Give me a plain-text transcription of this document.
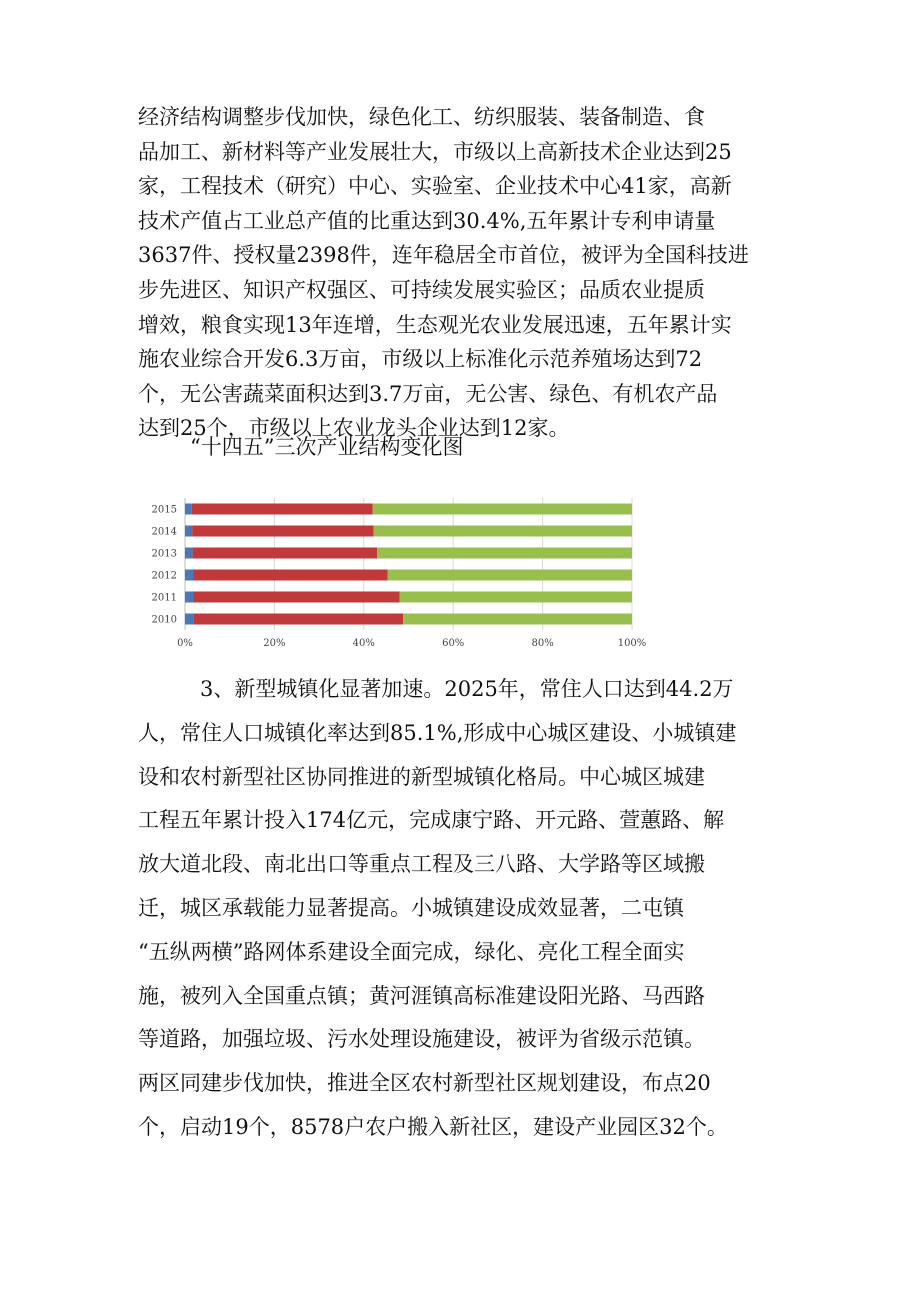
经济结构调整步伐加快，绿色化工、纺织服装、装备制造、食
品加工、新材料等产业发展壮大，市级以上高新技术企业达到25
家，工程技术（研究）中心、实验室、企业技术中心41家，高新
技术产值占工业总产值的比重达到30.4%,五年累计专利申请量
3637件、授权量2398件，连年稳居全市首位，被评为全国科技进
步先进区、知识产权强区、可持续发展实验区；品质农业提质
增效，粮食实现13年连增，生态观光农业发展迅速，五年累计实
施农业综合开发6.3万亩，市级以上标准化示范养殖场达到72
个，无公害蔬菜面积达到3.7万亩，无公害、绿色、有机农产品
达到25个，市级以上农业龙头企业达到12家。
“十四五”三次产业结构变化图
2015
2014
2013
2012
2011
2010
0%	20%	40%	60%	80%	100%
3、新型城镇化显著加速。2025年，常住人口达到44.2万
人，常住人口城镇化率达到85.1%,形成中心城区建设、小城镇建
设和农村新型社区协同推进的新型城镇化格局。中心城区城建
工程五年累计投入174亿元，完成康宁路、开元路、萱蕙路、解
放大道北段、南北出口等重点工程及三八路、大学路等区域搬
迁，城区承载能力显著提高。小城镇建设成效显著，二屯镇
“五纵两横”路网体系建设全面完成，绿化、亮化工程全面实
施，被列入全国重点镇；黄河涯镇高标准建设阳光路、马西路
等道路，加强垃圾、污水处理设施建设，被评为省级示范镇。
两区同建步伐加快，推进全区农村新型社区规划建设，布点20
个，启动19个，8578户农户搬入新社区，建设产业园区32个。
